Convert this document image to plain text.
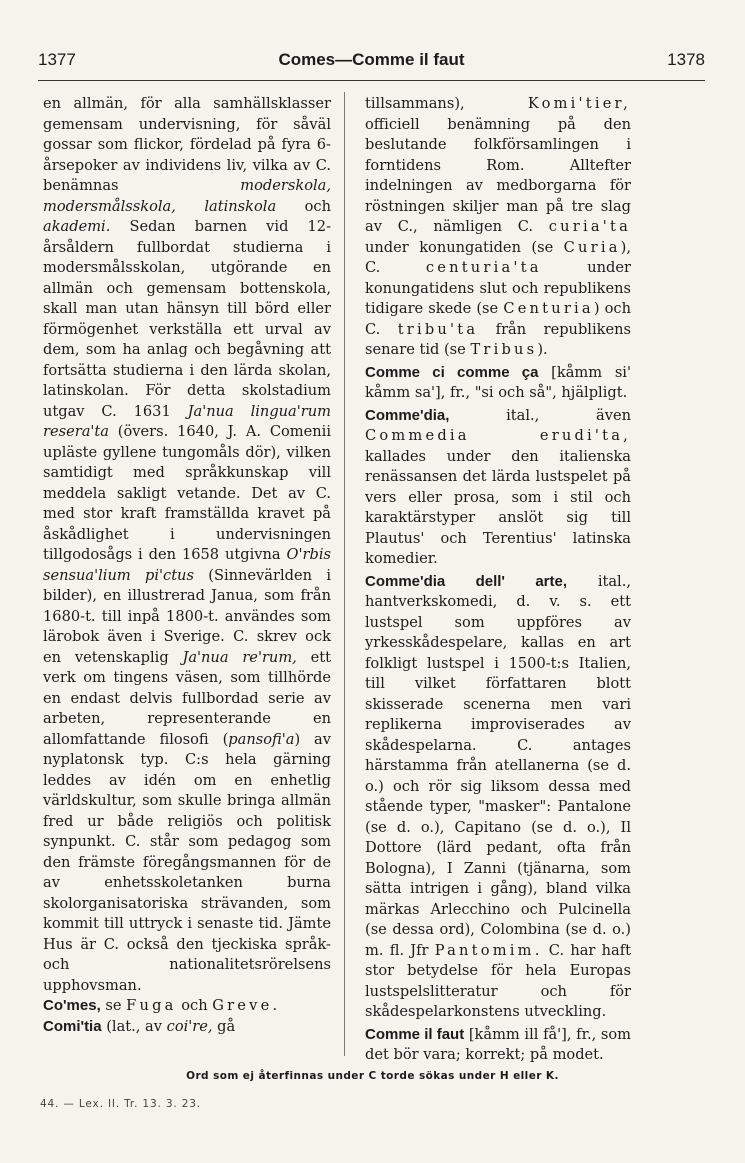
1377	Comes—Comme il faut	1378

en allmän, för alla samhällsklasser gemensam undervisning, för såväl gossar som flickor, fördelad på fyra 6-årsepoker av individens liv, vilka av C. benämnas moderskola, modersmålsskola, latinskola och akademi. Sedan barnen vid 12-årsåldern fullbordat studierna i modersmålsskolan, utgörande en allmän och gemensam bottenskola, skall man utan hänsyn till börd eller förmögenhet verkställa ett urval av dem, som ha anlag och begåvning att fortsätta studierna i den lärda skolan, latinskolan. För detta skolstadium utgav C. 1631 Ja'nua lingua'rum resera'ta (övers. 1640, J. A. Comenii upläste gyllene tungomåls dör), vilken samtidigt med språkkunskap vill meddela sakligt vetande. Det av C. med stor kraft framställda kravet på åskådlighet i undervisningen tillgodosågs i den 1658 utgivna O'rbis sensua'lium pi'ctus (Sinnevärlden i bilder), en illustrerad Janua, som från 1680-t. till inpå 1800-t. användes som lärobok även i Sverige. C. skrev ock en vetenskaplig Ja'nua re'rum, ett verk om tingens väsen, som tillhörde en endast delvis fullbordad serie av arbeten, representerande en allomfattande filosofi (pansofi'a) av nyplatonsk typ. C:s hela gärning leddes av idén om en enhetlig världskultur, som skulle bringa allmän fred ur både religiös och politisk synpunkt. C. står som pedagog som den främste föregångsmannen för de av enhetsskoletanken burna skolorganisatoriska strävanden, som kommit till uttryck i senaste tid. Jämte Hus är C. också den tjeckiska språk- och nationalitetsrörelsens upphovsman.

Co'mes, se Fuga och Greve.

Comi'tia (lat., av coi're, gå

tillsammans), Komi'tier, officiell benämning på den beslutande folkförsamlingen i forntidens Rom. Alltefter indelningen av medborgarna för röstningen skiljer man på tre slag av C., nämligen C. curia'ta under konungatiden (se Curia), C. centuria'ta under konungatidens slut och republikens tidigare skede (se Centuria) och C. tribu'ta från republikens senare tid (se Tribus).

Comme ci comme ça [kåmm si' kåmm sa'], fr., "si och så", hjälpligt.

Comme'dia, ital., även Commedia erudi'ta, kallades under den italienska renässansen det lärda lustspelet på vers eller prosa, som i stil och karaktärstyper anslöt sig till Plautus' och Terentius' latinska komedier.

Comme'dia dell' arte, ital., hantverkskomedi, d. v. s. ett lustspel som uppföres av yrkesskådespelare, kallas en art folkligt lustspel i 1500-t:s Italien, till vilket författaren blott skisserade scenerna men vari replikerna improviserades av skådespelarna. C. antages härstamma från atellanerna (se d. o.) och rör sig liksom dessa med stående typer, "masker": Pantalone (se d. o.), Capitano (se d. o.), Il Dottore (lärd pedant, ofta från Bologna), I Zanni (tjänarna, som sätta intrigen i gång), bland vilka märkas Arlecchino och Pulcinella (se dessa ord), Colombina (se d. o.) m. fl. Jfr Pantomim. C. har haft stor betydelse för hela Europas lustspelslitteratur och för skådespelarkonstens utveckling.

Comme il faut [kåmm ill få'], fr., som det bör vara; korrekt; på modet.

Ord som ej återfinnas under C torde sökas under H eller K.
44. — Lex. II. Tr. 13. 3. 23.
